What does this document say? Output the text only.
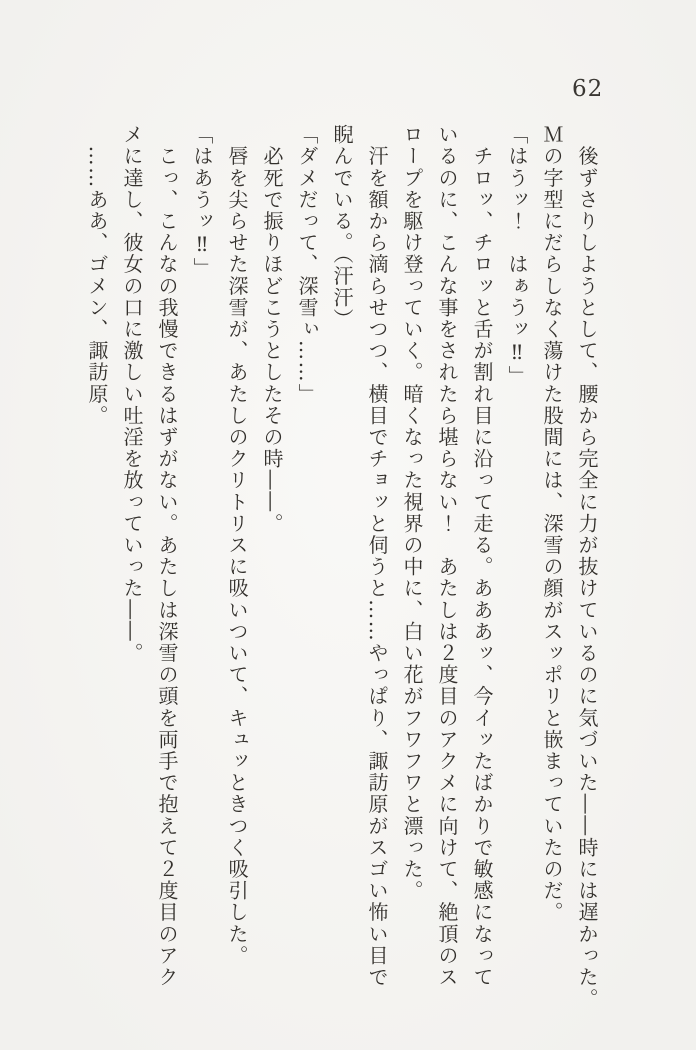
62
　後ずさりしようとして、腰から完全に力が抜けているのに気づいた――時には遅かった。
Ｍの字型にだらしなく蕩けた股間には、深雪の顔がスッポリと嵌まっていたのだ。
「はうッ！　はぁうッ‼」
　チロッ、チロッと舌が割れ目に沿って走る。あああッ、今イッたばかりで敏感になって
いるのに、こんな事をされたら堪らない！　あたしは２度目のアクメに向けて、絶頂のス
ロープを駆け登っていく。暗くなった視界の中に、白い花がフワフワと漂った。
　汗を額から滴らせつつ、横目でチョッと伺うと……やっぱり、諏訪原がスゴい怖い目で
睨んでいる。（汗汗）
「ダメだって、深雪ぃ……」
　必死で振りほどこうとしたその時――。
　唇を尖らせた深雪が、あたしのクリトリスに吸いついて、キュッときつく吸引した。
「はあうッ‼」
　こっ、こんなの我慢できるはずがない。あたしは深雪の頭を両手で抱えて２度目のアク
メに達し、彼女の口に激しい吐淫を放っていった――。
　……ああ、ゴメン、諏訪原。
